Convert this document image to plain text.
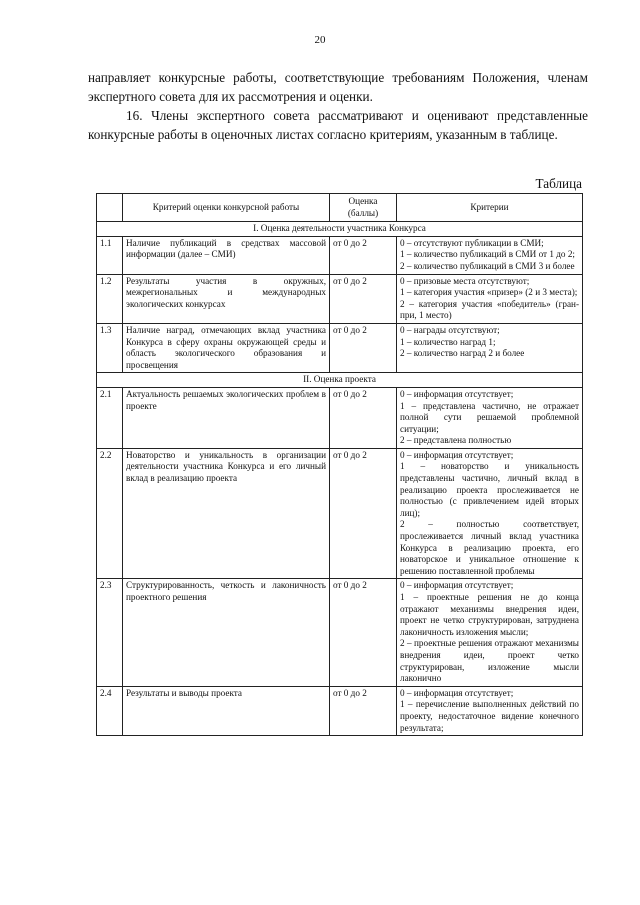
20

направляет конкурсные работы, соответствующие требованиям Положения, членам экспертного совета для их рассмотрения и оценки.

16. Члены экспертного совета рассматривают и оценивают представленные конкурсные работы в оценочных листах согласно критериям, указанным в таблице.

Таблица
	Критерий оценки конкурсной работы	Оценка (баллы)	Критерии
I. Оценка деятельности участника Конкурса			
1.1	Наличие публикаций в средствах массовой информации (далее – СМИ)	от 0 до 2	0 – отсутствуют публикации в СМИ;
1 – количество публикаций в СМИ от 1 до 2;
2 – количество публикаций в СМИ 3 и более

1.2	Результаты участия в окружных, межрегиональных и международных экологических конкурсах	от 0 до 2	0 – призовые места отсутствуют;
1 – категория участия «призер» (2 и 3 места);
2 – категория участия «победитель» (гран-при, 1 место)

1.3	Наличие наград, отмечающих вклад участника Конкурса в сферу охраны окружающей среды и область экологического образования и просвещения	от 0 до 2	0 – награды отсутствуют;
1 – количество наград 1;
2 – количество наград 2 и более

II. Оценка проекта			
2.1	Актуальность решаемых экологических проблем в проекте	от 0 до 2	0 – информация отсутствует;
1 – представлена частично, не отражает полной сути решаемой проблемной ситуации;
2 – представлена полностью

2.2	Новаторство и уникальность в организации деятельности участника Конкурса и его личный вклад в реализацию проекта	от 0 до 2	0 – информация отсутствует;
1 – новаторство и уникальность представлены частично, личный вклад в реализацию проекта прослеживается не полностью (с привлечением идей вторых лиц);
2 – полностью соответствует, прослеживается личный вклад участника Конкурса в реализацию проекта, его новаторское и уникальное отношение к решению поставленной проблемы

2.3	Структурированность, четкость и лаконичность проектного решения	от 0 до 2	0 – информация отсутствует;
1 – проектные решения не до конца отражают механизмы внедрения идеи, проект не четко структурирован, затруднена лаконичность изложения мысли;
2 – проектные решения отражают механизмы внедрения идеи, проект четко структурирован, изложение мысли лаконично

2.4	Результаты и выводы проекта	от 0 до 2	0 – информация отсутствует;
1 – перечисление выполненных действий по проекту, недостаточное видение конечного результата;
